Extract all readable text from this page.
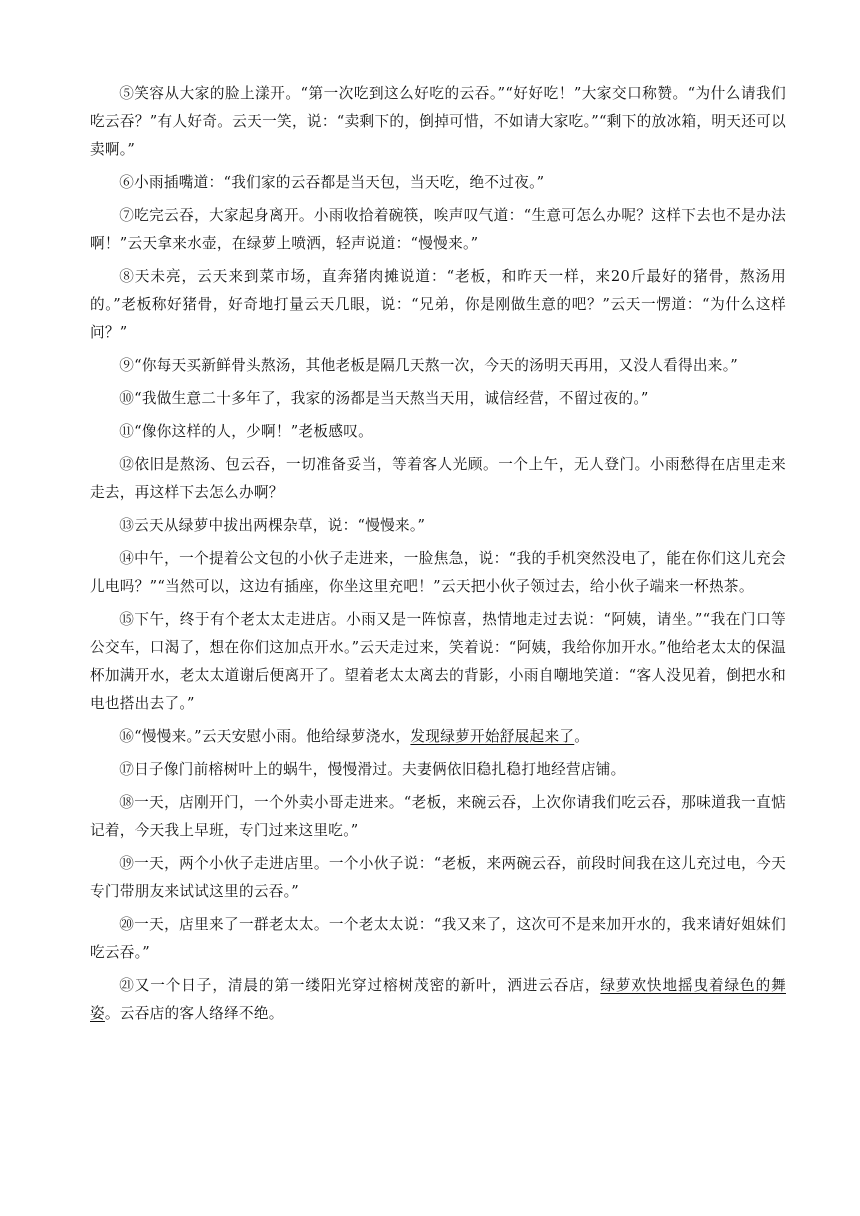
⑤笑容从大家的脸上漾开。“第一次吃到这么好吃的云吞。”“好好吃！”大家交口称赞。“为什么请我们吃云吞？”有人好奇。云天一笑，说：“卖剩下的，倒掉可惜，不如请大家吃。”“剩下的放冰箱，明天还可以卖啊。”

⑥小雨插嘴道：“我们家的云吞都是当天包，当天吃，绝不过夜。”

⑦吃完云吞，大家起身离开。小雨收拾着碗筷，唉声叹气道：“生意可怎么办呢？这样下去也不是办法啊！”云天拿来水壶，在绿萝上喷洒，轻声说道：“慢慢来。”

⑧天未亮，云天来到菜市场，直奔猪肉摊说道：“老板，和昨天一样，来20斤最好的猪骨，熬汤用的。”老板称好猪骨，好奇地打量云天几眼，说：“兄弟，你是刚做生意的吧？”云天一愣道：“为什么这样问？”

⑨“你每天买新鲜骨头熬汤，其他老板是隔几天熬一次，今天的汤明天再用，又没人看得出来。”

⑩“我做生意二十多年了，我家的汤都是当天熬当天用，诚信经营，不留过夜的。”

⑪“像你这样的人，少啊！”老板感叹。

⑫依旧是熬汤、包云吞，一切准备妥当，等着客人光顾。一个上午，无人登门。小雨愁得在店里走来走去，再这样下去怎么办啊？

⑬云天从绿萝中拔出两棵杂草，说：“慢慢来。”

⑭中午，一个提着公文包的小伙子走进来，一脸焦急，说：“我的手机突然没电了，能在你们这儿充会儿电吗？”“当然可以，这边有插座，你坐这里充吧！”云天把小伙子领过去，给小伙子端来一杯热茶。

⑮下午，终于有个老太太走进店。小雨又是一阵惊喜，热情地走过去说：“阿姨，请坐。”“我在门口等公交车，口渴了，想在你们这加点开水。”云天走过来，笑着说：“阿姨，我给你加开水。”他给老太太的保温杯加满开水，老太太道谢后便离开了。望着老太太离去的背影，小雨自嘲地笑道：“客人没见着，倒把水和电也搭出去了。”

⑯“慢慢来。”云天安慰小雨。他给绿萝浇水，发现绿萝开始舒展起来了。

⑰日子像门前榕树叶上的蜗牛，慢慢滑过。夫妻俩依旧稳扎稳打地经营店铺。

⑱一天，店刚开门，一个外卖小哥走进来。“老板，来碗云吞，上次你请我们吃云吞，那味道我一直惦记着，今天我上早班，专门过来这里吃。”

⑲一天，两个小伙子走进店里。一个小伙子说：“老板，来两碗云吞，前段时间我在这儿充过电，今天专门带朋友来试试这里的云吞。”

⑳一天，店里来了一群老太太。一个老太太说：“我又来了，这次可不是来加开水的，我来请好姐妹们吃云吞。”

㉑又一个日子，清晨的第一缕阳光穿过榕树茂密的新叶，洒进云吞店，绿萝欢快地摇曳着绿色的舞姿。云吞店的客人络绎不绝。
